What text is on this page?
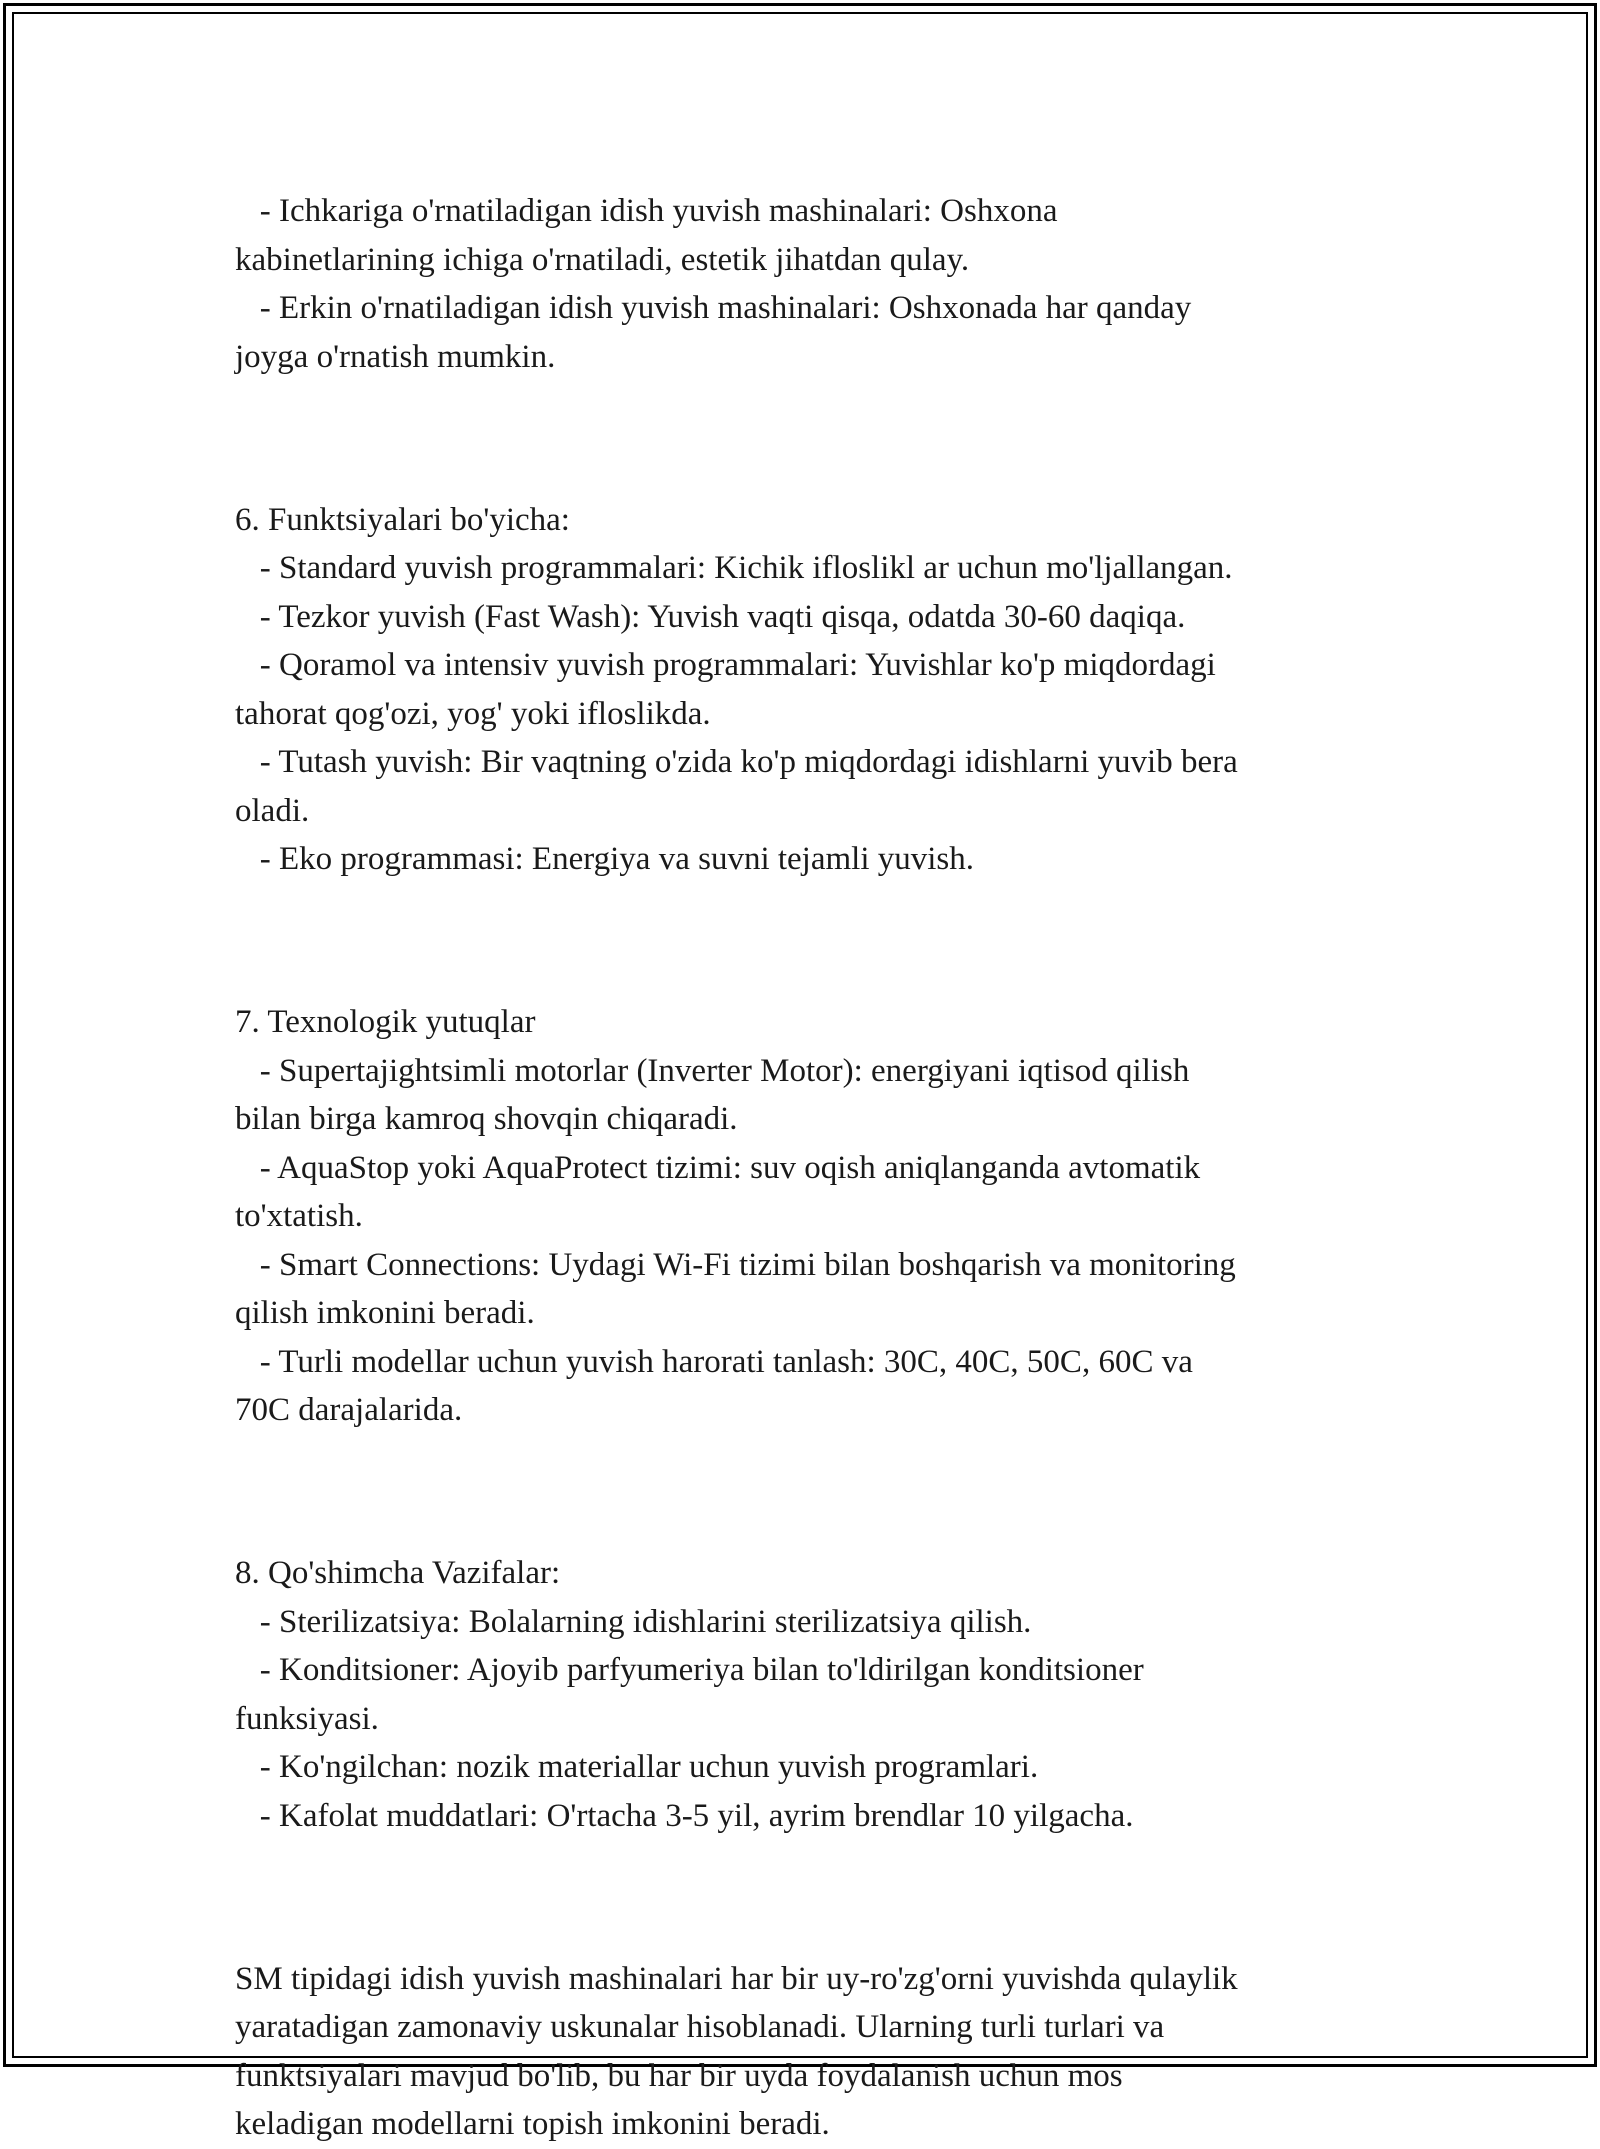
- Ichkariga o'rnatiladigan idish yuvish mashinalari: Oshxona

kabinetlarining ichiga o'rnatiladi, estetik jihatdan qulay.

- Erkin o'rnatiladigan idish yuvish mashinalari: Oshxonada har qanday

joyga o'rnatish mumkin.

6. Funktsiyalari bo'yicha:

- Standard yuvish programmalari: Kichik ifloslikl ar uchun mo'ljallangan.

- Tezkor yuvish (Fast Wash): Yuvish vaqti qisqa, odatda 30-60 daqiqa.

- Qoramol va intensiv yuvish programmalari: Yuvishlar ko'p miqdordagi

tahorat qog'ozi, yog' yoki ifloslikda.

- Tutash yuvish: Bir vaqtning o'zida ko'p miqdordagi idishlarni yuvib bera

oladi.

- Eko programmasi: Energiya va suvni tejamli yuvish.

7. Texnologik yutuqlar

- Supertajightsimli motorlar (Inverter Motor): energiyani iqtisod qilish

bilan birga kamroq shovqin chiqaradi.

- AquaStop yoki AquaProtect tizimi: suv oqish aniqlanganda avtomatik

to'xtatish.

- Smart Connections: Uydagi Wi-Fi tizimi bilan boshqarish va monitoring

qilish imkonini beradi.

- Turli modellar uchun yuvish harorati tanlash: 30C, 40C, 50C, 60C va

70C darajalarida.

8. Qo'shimcha Vazifalar:

- Sterilizatsiya: Bolalarning idishlarini sterilizatsiya qilish.

- Konditsioner: Ajoyib parfyumeriya bilan to'ldirilgan konditsioner

funksiyasi.

- Ko'ngilchan: nozik materiallar uchun yuvish programlari.

- Kafolat muddatlari: O'rtacha 3-5 yil, ayrim brendlar 10 yilgacha.

SM tipidagi idish yuvish mashinalari har bir uy-ro'zg'orni yuvishda qulaylik

yaratadigan zamonaviy uskunalar hisoblanadi. Ularning turli turlari va

funktsiyalari mavjud bo'lib, bu har bir uyda foydalanish uchun mos

keladigan modellarni topish imkonini beradi.
